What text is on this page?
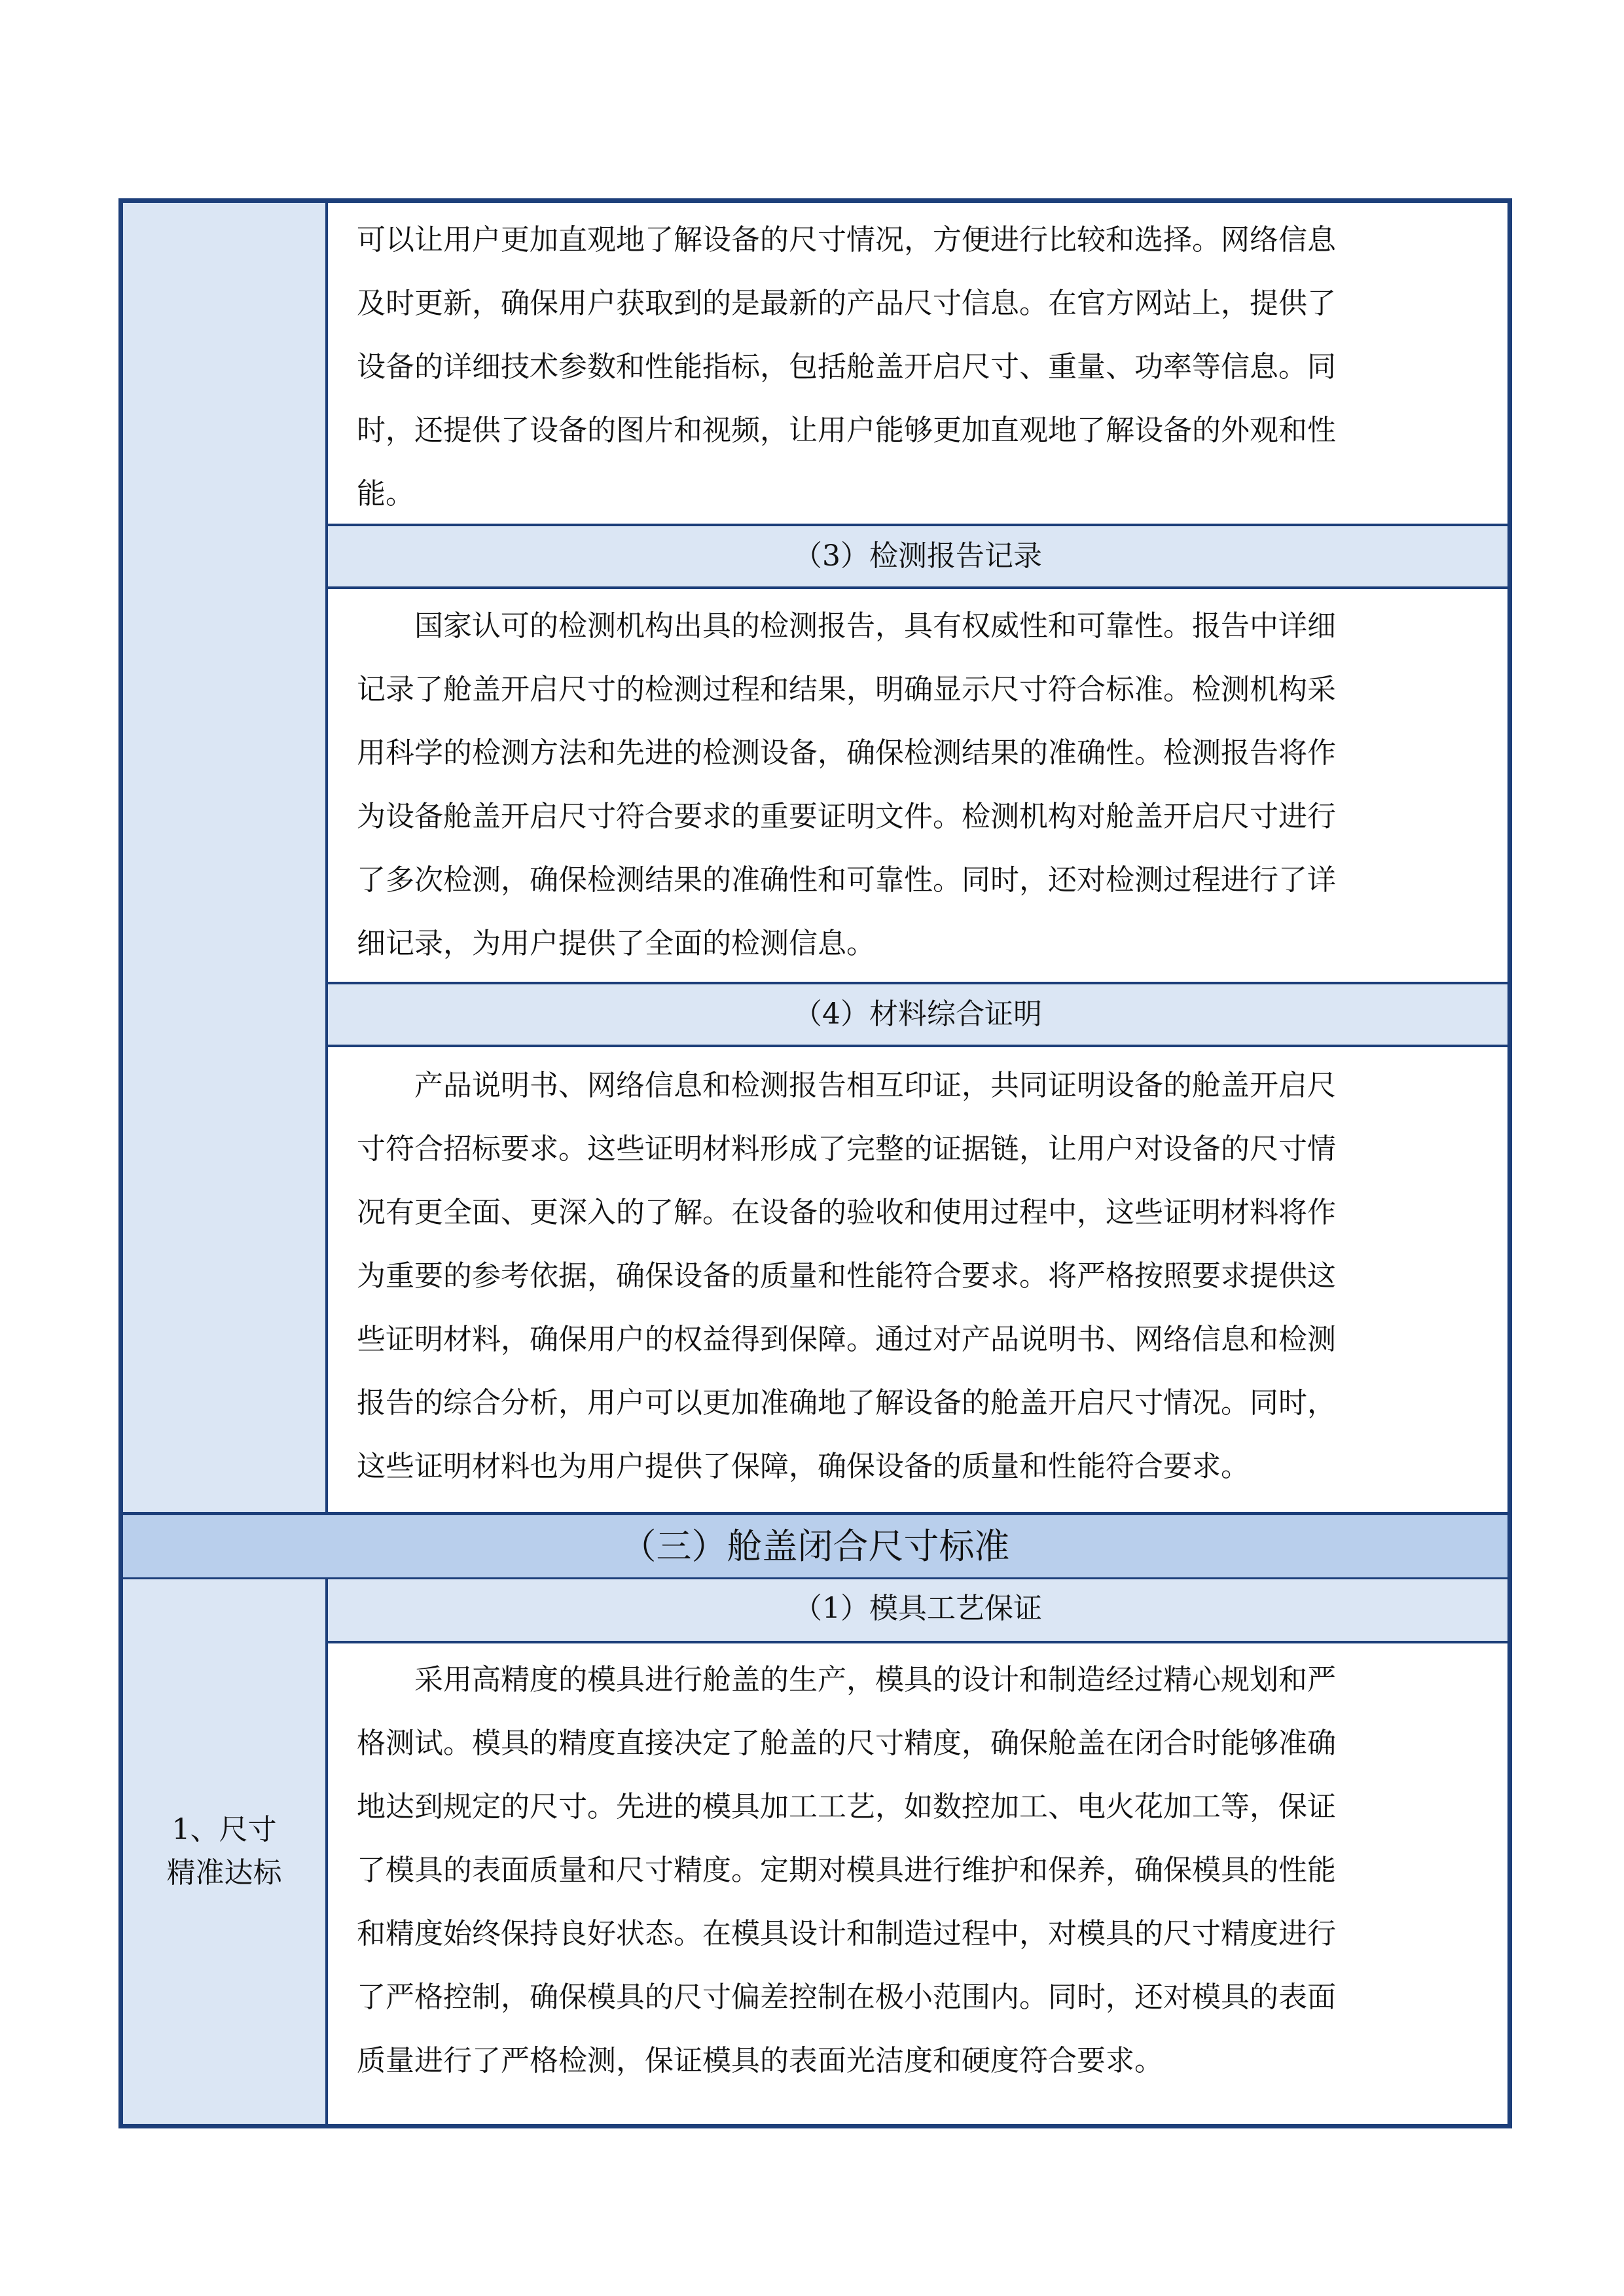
可以让用户更加直观地了解设备的尺寸情况，方便进行比较和选择。网络信息
及时更新，确保用户获取到的是最新的产品尺寸信息。在官方网站上，提供了
设备的详细技术参数和性能指标，包括舱盖开启尺寸、重量、功率等信息。同
时，还提供了设备的图片和视频，让用户能够更加直观地了解设备的外观和性
能。
（3）检测报告记录
国家认可的检测机构出具的检测报告，具有权威性和可靠性。报告中详细
记录了舱盖开启尺寸的检测过程和结果，明确显示尺寸符合标准。检测机构采
用科学的检测方法和先进的检测设备，确保检测结果的准确性。检测报告将作
为设备舱盖开启尺寸符合要求的重要证明文件。检测机构对舱盖开启尺寸进行
了多次检测，确保检测结果的准确性和可靠性。同时，还对检测过程进行了详
细记录，为用户提供了全面的检测信息。
（4）材料综合证明
产品说明书、网络信息和检测报告相互印证，共同证明设备的舱盖开启尺
寸符合招标要求。这些证明材料形成了完整的证据链，让用户对设备的尺寸情
况有更全面、更深入的了解。在设备的验收和使用过程中，这些证明材料将作
为重要的参考依据，确保设备的质量和性能符合要求。将严格按照要求提供这
些证明材料，确保用户的权益得到保障。通过对产品说明书、网络信息和检测
报告的综合分析，用户可以更加准确地了解设备的舱盖开启尺寸情况。同时，
这些证明材料也为用户提供了保障，确保设备的质量和性能符合要求。
（三）舱盖闭合尺寸标准
1、尺寸精准达标
（1）模具工艺保证
采用高精度的模具进行舱盖的生产，模具的设计和制造经过精心规划和严
格测试。模具的精度直接决定了舱盖的尺寸精度，确保舱盖在闭合时能够准确
地达到规定的尺寸。先进的模具加工工艺，如数控加工、电火花加工等，保证
了模具的表面质量和尺寸精度。定期对模具进行维护和保养，确保模具的性能
和精度始终保持良好状态。在模具设计和制造过程中，对模具的尺寸精度进行
了严格控制，确保模具的尺寸偏差控制在极小范围内。同时，还对模具的表面
质量进行了严格检测，保证模具的表面光洁度和硬度符合要求。
